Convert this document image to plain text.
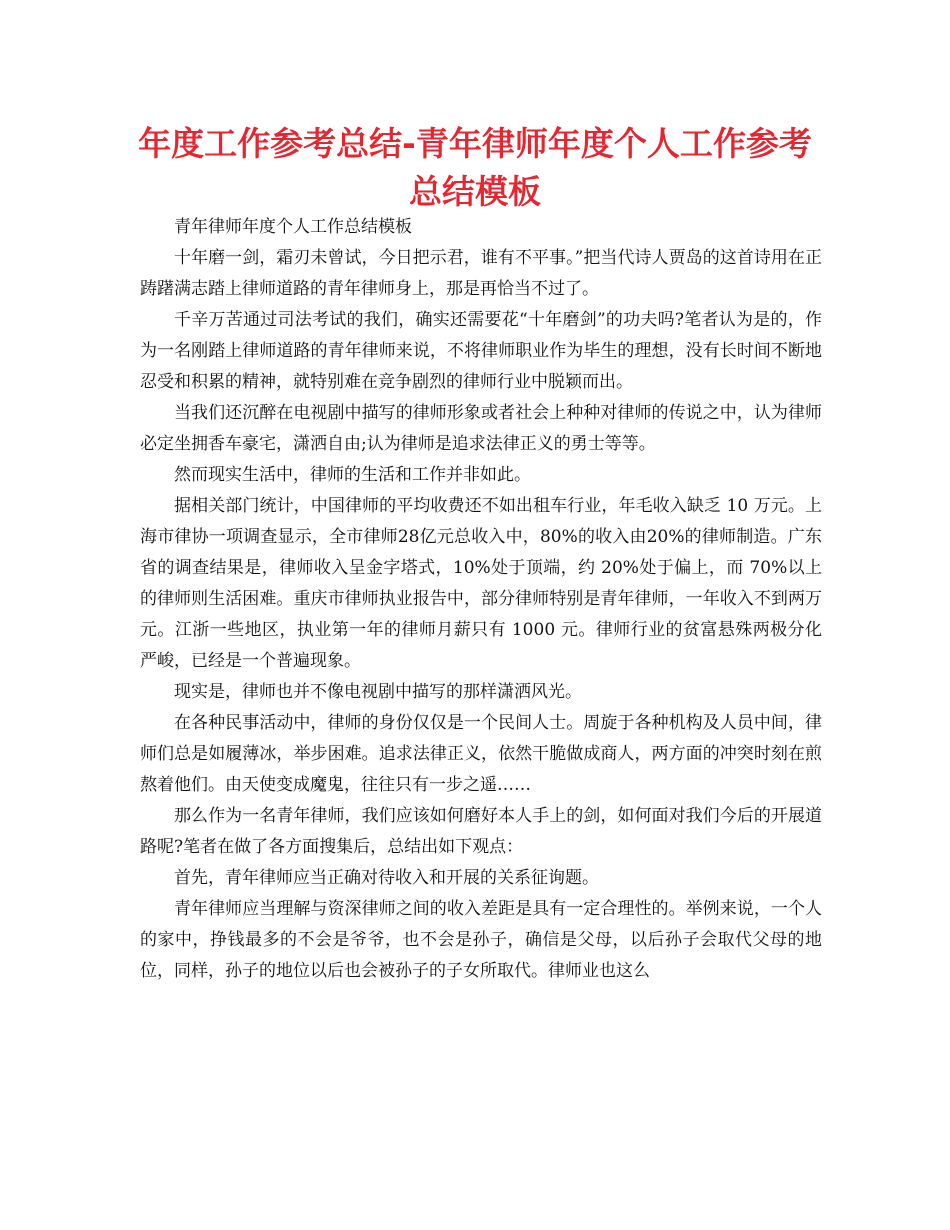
年度工作参考总结-青年律师年度个人工作参考总结模板

青年律师年度个人工作总结模板

十年磨一剑，霜刃未曾试，今日把示君，谁有不平事。”把当代诗人贾岛的这首诗用在正踌躇满志踏上律师道路的青年律师身上，那是再恰当不过了。

千辛万苦通过司法考试的我们，确实还需要花“十年磨剑”的功夫吗?笔者认为是的，作为一名刚踏上律师道路的青年律师来说，不将律师职业作为毕生的理想，没有长时间不断地忍受和积累的精神，就特别难在竞争剧烈的律师行业中脱颖而出。

当我们还沉醉在电视剧中描写的律师形象或者社会上种种对律师的传说之中，认为律师必定坐拥香车豪宅，潇洒自由;认为律师是追求法律正义的勇士等等。

然而现实生活中，律师的生活和工作并非如此。

据相关部门统计，中国律师的平均收费还不如出租车行业，年毛收入缺乏 10 万元。上海市律协一项调查显示，全市律师28亿元总收入中，80%的收入由20%的律师制造。广东省的调查结果是，律师收入呈金字塔式，10%处于顶端，约 20%处于偏上，而 70%以上的律师则生活困难。重庆市律师执业报告中，部分律师特别是青年律师，一年收入不到两万元。江浙一些地区，执业第一年的律师月薪只有 1000 元。律师行业的贫富悬殊两极分化严峻，已经是一个普遍现象。

现实是，律师也并不像电视剧中描写的那样潇洒风光。

在各种民事活动中，律师的身份仅仅是一个民间人士。周旋于各种机构及人员中间，律师们总是如履薄冰，举步困难。追求法律正义，依然干脆做成商人，两方面的冲突时刻在煎熬着他们。由天使变成魔鬼，往往只有一步之遥……

那么作为一名青年律师，我们应该如何磨好本人手上的剑，如何面对我们今后的开展道路呢?笔者在做了各方面搜集后，总结出如下观点：

首先，青年律师应当正确对待收入和开展的关系征询题。

青年律师应当理解与资深律师之间的收入差距是具有一定合理性的。举例来说，一个人的家中，挣钱最多的不会是爷爷，也不会是孙子，确信是父母，以后孙子会取代父母的地位，同样，孙子的地位以后也会被孙子的子女所取代。律师业也这么
